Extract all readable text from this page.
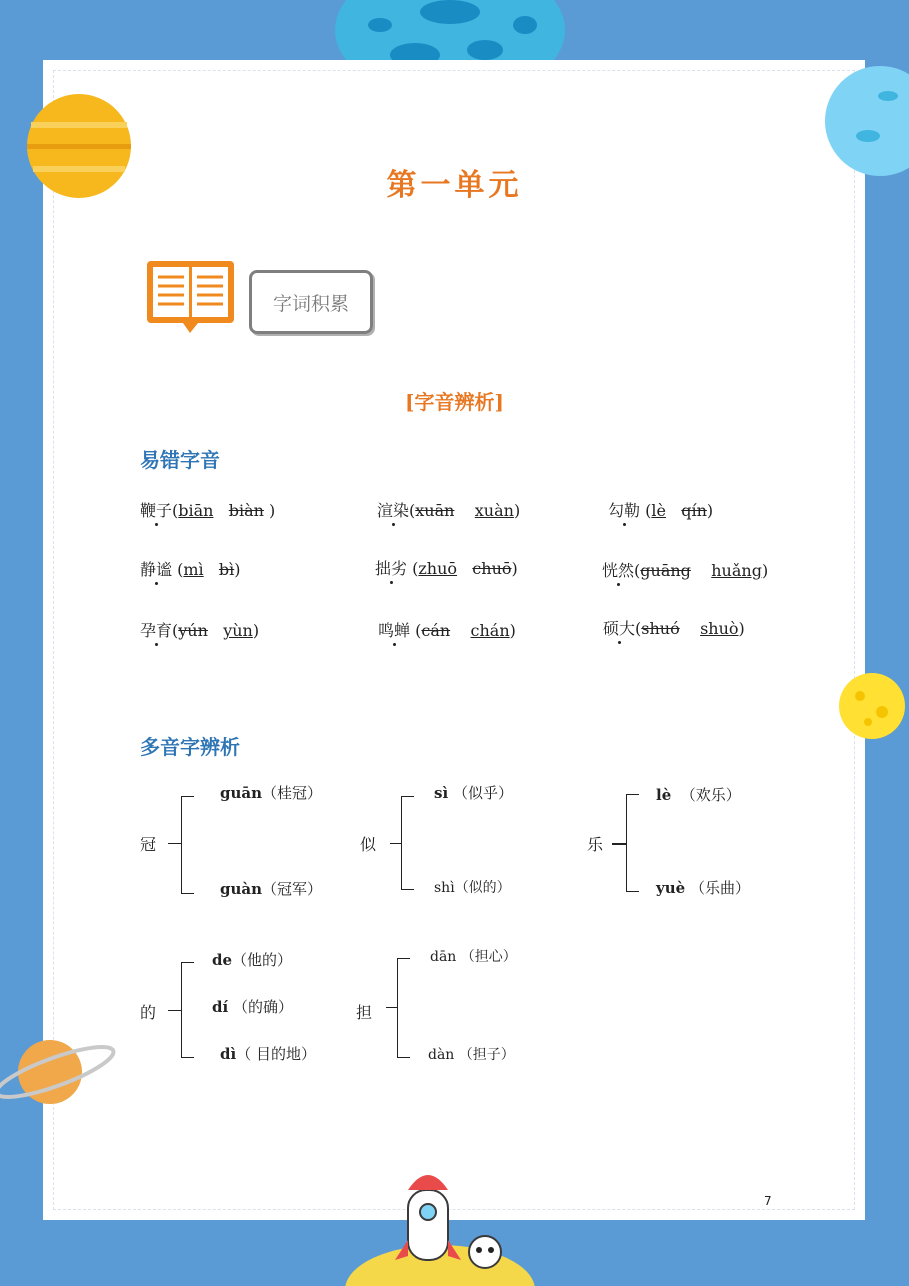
第一单元
字词积累
[字音辨析]
易错字音
鞭子(biān biàn )	渲染(xuān xuàn)	勾勒 (lè qín)
静谧 (mì bì)	拙劣 (zhuō chuō)	恍然(guāng huǎng)
孕育(yún yùn)	鸣蝉 (cán chán)	硕大(shuó shuò)
多音字辨析
冠
guān（桂冠）
guàn（冠军）
似
sì （似乎）
shì（似的）
乐
lè （欢乐）
yuè （乐曲）
的
de（他的）
dí （的确）
dì（ 目的地）
担
dān （担心）
dàn （担子）
7
